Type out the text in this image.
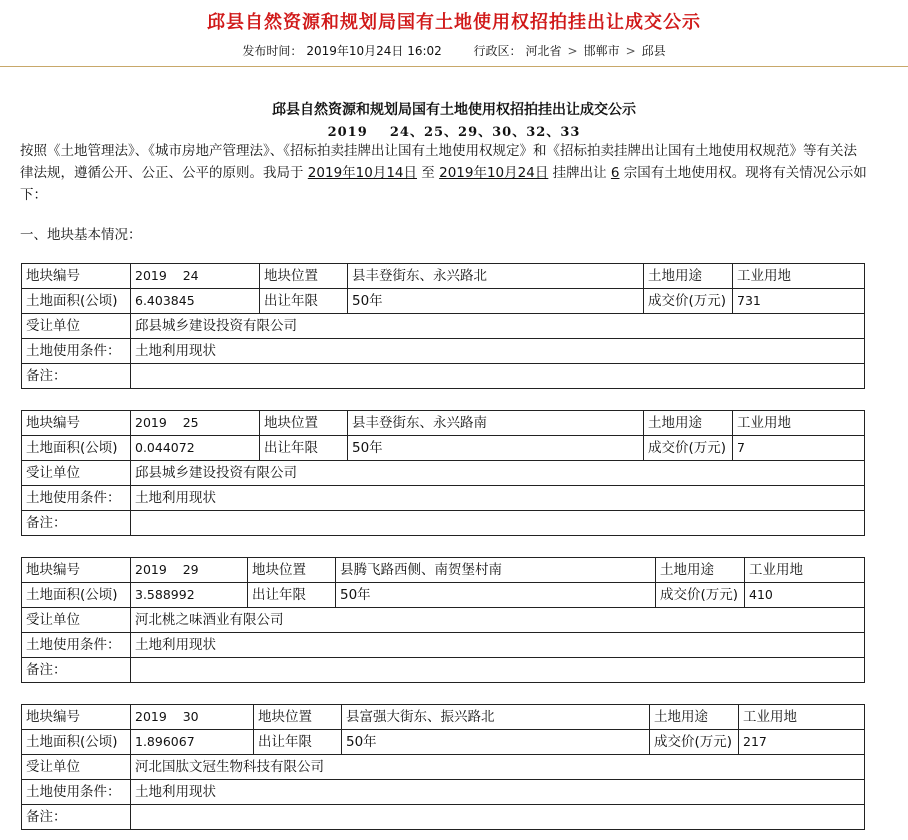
邱县自然资源和规划局国有土地使用权招拍挂出让成交公示
发布时间： 2019年10月24日 16:02	行政区： 河北省 > 邯郸市 > 邱县
邱县自然资源和规划局国有土地使用权招拍挂出让成交公示
2019    24、25、29、30、32、33

按照《土地管理法》、《城市房地产管理法》、《招标拍卖挂牌出让国有土地使用权规定》和《招标拍卖挂牌出让国有土地使用权规范》等有关法律法规，遵循公开、公正、公平的原则。我局于 2019年10月14日 至 2019年10月24日 挂牌出让 6 宗国有土地使用权。现将有关情况公示如下：

一、地块基本情况：
地块编号	2019    24	地块位置	县丰登街东、永兴路北	土地用途	工业用地
土地面积(公顷)	6.403845	出让年限	50年	成交价(万元)	731
受让单位	邱县城乡建设投资有限公司				
土地使用条件：	土地利用现状				
备注：					
地块编号	2019    25	地块位置	县丰登街东、永兴路南	土地用途	工业用地
土地面积(公顷)	0.044072	出让年限	50年	成交价(万元)	7
受让单位	邱县城乡建设投资有限公司				
土地使用条件：	土地利用现状				
备注：					
地块编号	2019    29	地块位置	县腾飞路西侧、南贺堡村南	土地用途	工业用地
土地面积(公顷)	3.588992	出让年限	50年	成交价(万元)	410
受让单位	河北桃之味酒业有限公司				
土地使用条件：	土地利用现状				
备注：					
地块编号	2019    30	地块位置	县富强大街东、振兴路北	土地用途	工业用地
土地面积(公顷)	1.896067	出让年限	50年	成交价(万元)	217
受让单位	河北国肽文冠生物科技有限公司				
土地使用条件：	土地利用现状				
备注：					
